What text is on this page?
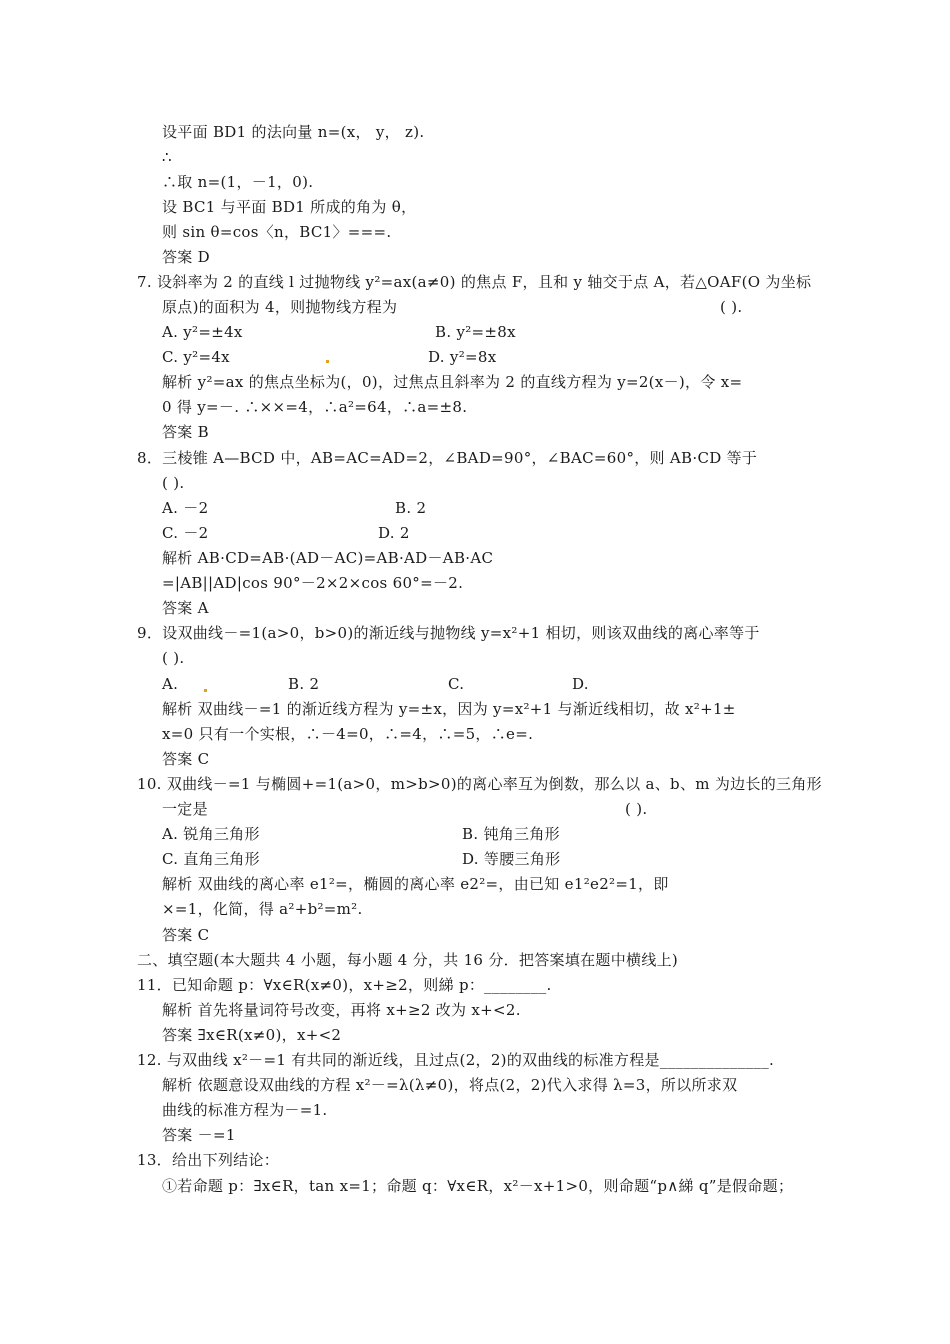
设平面 BD1 的法向量 n=(x， y， z).
∴
∴取 n=(1，－1，0).
设 BC1 与平面 BD1 所成的角为 θ，
则 sin θ=cos〈n，BC1〉===.
答案 D
7. 设斜率为 2 的直线 l 过抛物线 y²=ax(a≠0) 的焦点 F，且和 y 轴交于点 A，若△OAF(O 为坐标
原点)的面积为 4，则抛物线方程为	( ).
A. y²=±4x	B. y²=±8x
C. y²=4x	D. y²=8x
解析 y²=ax 的焦点坐标为(，0)，过焦点且斜率为 2 的直线方程为 y=2(x－)，令 x=
0 得 y=－. ∴××=4，∴a²=64，∴a=±8.
答案 B
8．三棱锥 A—BCD 中，AB=AC=AD=2，∠BAD=90°，∠BAC=60°，则 AB·CD 等于
( ).
A. －2	B. 2
C. －2	D. 2
解析 AB·CD=AB·(AD－AC)=AB·AD－AB·AC
=|AB||AD|cos 90°－2×2×cos 60°=－2.
答案 A
9．设双曲线－=1(a>0，b>0)的渐近线与抛物线 y=x²+1 相切，则该双曲线的离心率等于
( ).
A.	B. 2	C.	D.
解析 双曲线－=1 的渐近线方程为 y=±x，因为 y=x²+1 与渐近线相切，故 x²+1±
x=0 只有一个实根，∴－4=0，∴=4，∴=5，∴e=.
答案 C
10. 双曲线－=1 与椭圆+=1(a>0，m>b>0)的离心率互为倒数，那么以 a、b、m 为边长的三角形
一定是	( ).
A. 锐角三角形	B. 钝角三角形
C. 直角三角形	D. 等腰三角形
解析 双曲线的离心率 e1²=，椭圆的离心率 e2²=，由已知 e1²e2²=1，即
×=1，化简，得 a²+b²=m².
答案 C
二、填空题(本大题共 4 小题，每小题 4 分，共 16 分．把答案填在题中横线上)
11．已知命题 p：∀x∈R(x≠0)，x+≥2，则綈 p：________.
解析 首先将量词符号改变，再将 x+≥2 改为 x+<2.
答案 ∃x∈R(x≠0)，x+<2
12. 与双曲线 x²－=1 有共同的渐近线，且过点(2，2)的双曲线的标准方程是______________.
解析 依题意设双曲线的方程 x²－=λ(λ≠0)，将点(2，2)代入求得 λ=3，所以所求双
曲线的标准方程为－=1.
答案 －=1
13．给出下列结论：
①若命题 p：∃x∈R，tan x=1；命题 q：∀x∈R，x²－x+1>0，则命题“p∧綈 q”是假命题；
